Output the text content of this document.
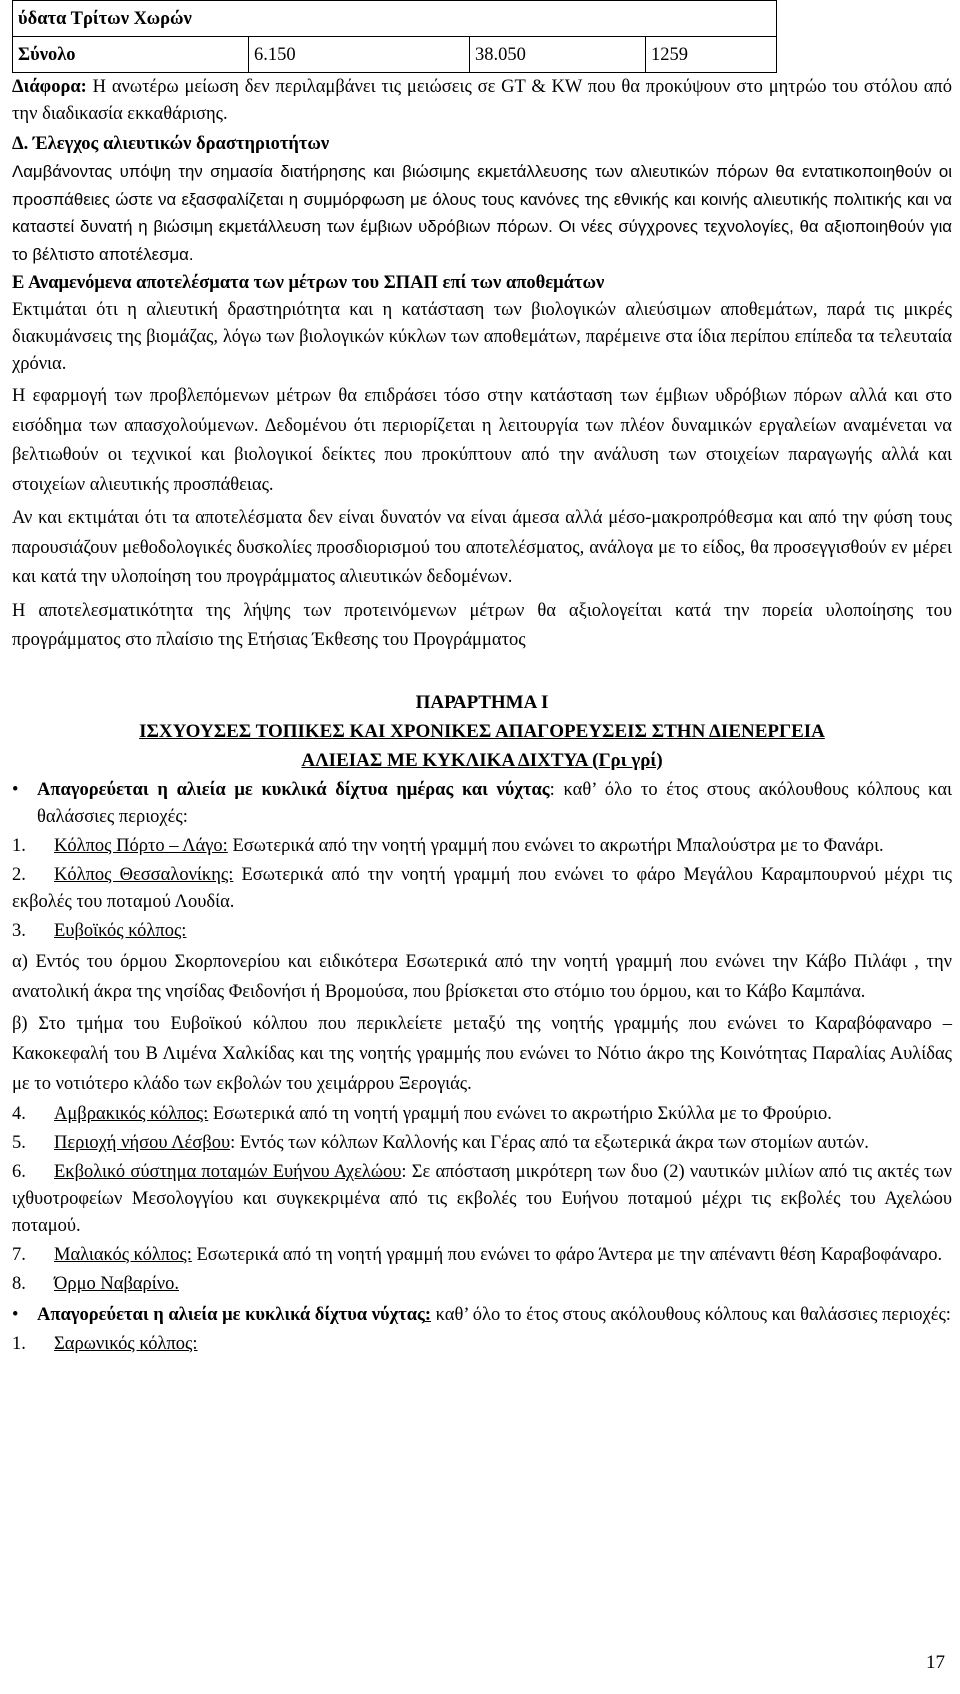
ύδατα Τρίτων Χωρών
Σύνολο	6.150	38.050	1259

Διάφορα: Η ανωτέρω μείωση δεν περιλαμβάνει τις μειώσεις σε GT & KW που θα προκύψουν στο μητρώο του στόλου από την διαδικασία εκκαθάρισης.

Δ. Έλεγχος αλιευτικών δραστηριοτήτων

Λαμβάνοντας υπόψη την σημασία διατήρησης και βιώσιμης εκμετάλλευσης των αλιευτικών πόρων θα εντατικοποιηθούν οι προσπάθειες ώστε να εξασφαλίζεται η συμμόρφωση με όλους τους κανόνες της εθνικής και κοινής αλιευτικής πολιτικής και να καταστεί δυνατή η βιώσιμη εκμετάλλευση των έμβιων υδρόβιων πόρων. Οι νέες σύγχρονες τεχνολογίες, θα αξιοποιηθούν για το βέλτιστο αποτέλεσμα.

Ε Αναμενόμενα αποτελέσματα των μέτρων του ΣΠΑΠ επί των αποθεμάτων

Εκτιμάται ότι η αλιευτική δραστηριότητα και η κατάσταση των βιολογικών αλιεύσιμων αποθεμάτων, παρά τις μικρές διακυμάνσεις της βιομάζας, λόγω των βιολογικών κύκλων των αποθεμάτων, παρέμεινε στα ίδια περίπου επίπεδα τα τελευταία χρόνια.

Η εφαρμογή των προβλεπόμενων μέτρων θα επιδράσει τόσο στην κατάσταση των έμβιων υδρόβιων πόρων αλλά και στο εισόδημα των απασχολούμενων. Δεδομένου ότι περιορίζεται η λειτουργία των πλέον δυναμικών εργαλείων αναμένεται να βελτιωθούν οι τεχνικοί και βιολογικοί δείκτες που προκύπτουν από την ανάλυση των στοιχείων παραγωγής αλλά και στοιχείων αλιευτικής προσπάθειας.

Αν και εκτιμάται ότι τα αποτελέσματα δεν είναι δυνατόν να είναι άμεσα αλλά μέσο-μακροπρόθεσμα και από την φύση τους παρουσιάζουν μεθοδολογικές δυσκολίες προσδιορισμού του αποτελέσματος, ανάλογα με το είδος, θα προσεγγισθούν εν μέρει και κατά την υλοποίηση του προγράμματος αλιευτικών δεδομένων.

Η αποτελεσματικότητα της λήψης των προτεινόμενων μέτρων θα αξιολογείται κατά την πορεία υλοποίησης του προγράμματος στο πλαίσιο της Ετήσιας Έκθεσης του Προγράμματος

ΠΑΡΑΡΤΗΜΑ Ι

ΙΣΧΥΟΥΣΕΣ ΤΟΠΙΚΕΣ ΚΑΙ ΧΡΟΝΙΚΕΣ ΑΠΑΓΟΡΕΥΣΕΙΣ ΣΤΗΝ ΔΙΕΝΕΡΓΕΙΑ

ΑΛΙΕΙΑΣ ΜΕ ΚΥΚΛΙΚΑ ΔΙΧΤΥΑ (Γρι γρί)

• Απαγορεύεται η αλιεία με κυκλικά δίχτυα ημέρας και νύχτας: καθ’ όλο το έτος στους ακόλουθους κόλπους και θαλάσσιες περιοχές:

1. Κόλπος Πόρτο – Λάγο: Εσωτερικά από την νοητή γραμμή που ενώνει το ακρωτήρι Μπαλούστρα με το Φανάρι.

2. Κόλπος Θεσσαλονίκης: Εσωτερικά από την νοητή γραμμή που ενώνει το φάρο Μεγάλου Καραμπουρνού μέχρι τις εκβολές του ποταμού Λουδία.

3. Ευβοϊκός κόλπος:

α) Εντός του όρμου Σκορπονερίου και ειδικότερα Εσωτερικά από την νοητή γραμμή που ενώνει την Κάβο Πιλάφι , την ανατολική άκρα της νησίδας Φειδονήσι ή Βρομούσα, που βρίσκεται στο στόμιο του όρμου, και το Κάβο Καμπάνα.

β) Στο τμήμα του Ευβοϊκού κόλπου που περικλείετε μεταξύ της νοητής γραμμής που ενώνει το Καραβόφαναρο – Κακοκεφαλή του Β Λιμένα Χαλκίδας και της νοητής γραμμής που ενώνει το Νότιο άκρο της Κοινότητας Παραλίας Αυλίδας με το νοτιότερο κλάδο των εκβολών του χειμάρρου Ξερογιάς.

4. Αμβρακικός κόλπος: Εσωτερικά από τη νοητή γραμμή που ενώνει το ακρωτήριο Σκύλλα με το Φρούριο.

5. Περιοχή νήσου Λέσβου: Εντός των κόλπων Καλλονής και Γέρας από τα εξωτερικά άκρα των στομίων αυτών.

6. Εκβολικό σύστημα ποταμών Ευήνου Αχελώου: Σε απόσταση μικρότερη των δυο (2) ναυτικών μιλίων από τις ακτές των ιχθυοτροφείων Μεσολογγίου και συγκεκριμένα από τις εκβολές του Ευήνου ποταμού μέχρι τις εκβολές του Αχελώου ποταμού.

7. Μαλιακός κόλπος: Εσωτερικά από τη νοητή γραμμή που ενώνει το φάρο Άντερα με την απέναντι θέση Καραβοφάναρο.

8. Όρμο Ναβαρίνο.

• Απαγορεύεται η αλιεία με κυκλικά δίχτυα νύχτας: καθ’ όλο το έτος στους ακόλουθους κόλπους και θαλάσσιες περιοχές:

1. Σαρωνικός κόλπος:

17
